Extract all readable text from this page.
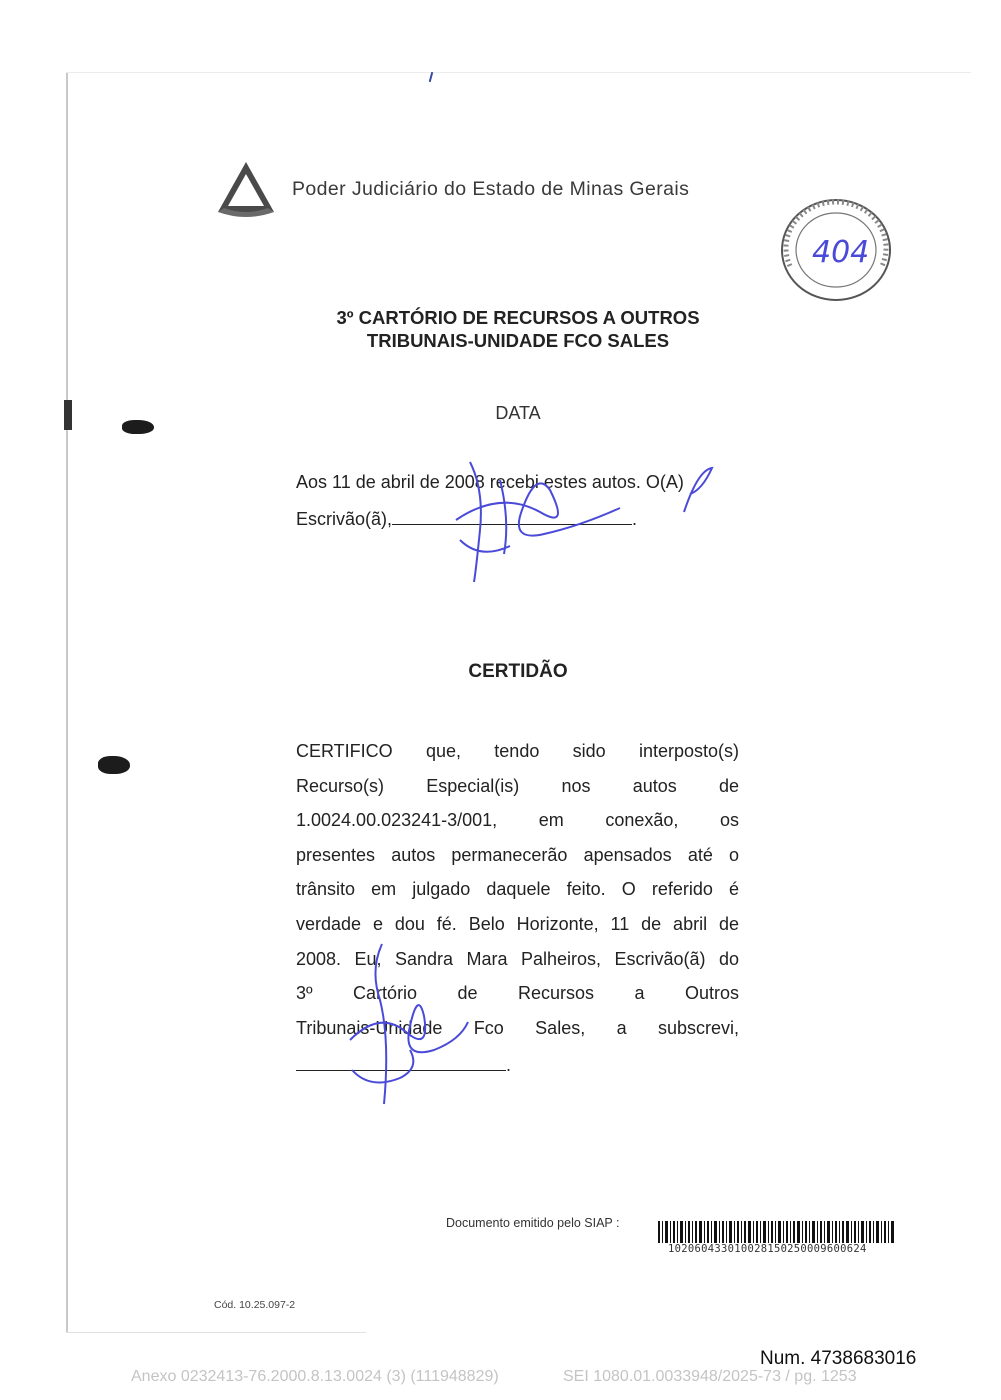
Poder Judiciário do Estado de Minas Gerais
404
3º CARTÓRIO DE RECURSOS A OUTROS
TRIBUNAIS-UNIDADE FCO SALES
DATA
Aos 11 de abril de 2008 recebi estes autos. O(A)
Escrivão(ã),	.
CERTIDÃO

CERTIFICO que, tendo sido interposto(s)

Recurso(s) Especial(is) nos autos de

1.0024.00.023241-3/001, em conexão, os

presentes autos permanecerão apensados até o

trânsito em julgado daquele feito. O referido é

verdade e dou fé. Belo Horizonte, 11 de abril de

2008. Eu, Sandra Mara Palheiros, Escrivão(ã) do

3º Cartório de Recursos a Outros

Tribunais-Unidade Fco Sales, a subscrevi,

.
Documento emitido pelo SIAP :
102060433010028150250009600624
Cód. 10.25.097-2
Num. 4738683016
Anexo 0232413-76.2000.8.13.0024 (3) (111948829)	SEI 1080.01.0033948/2025-73 / pg. 1253
